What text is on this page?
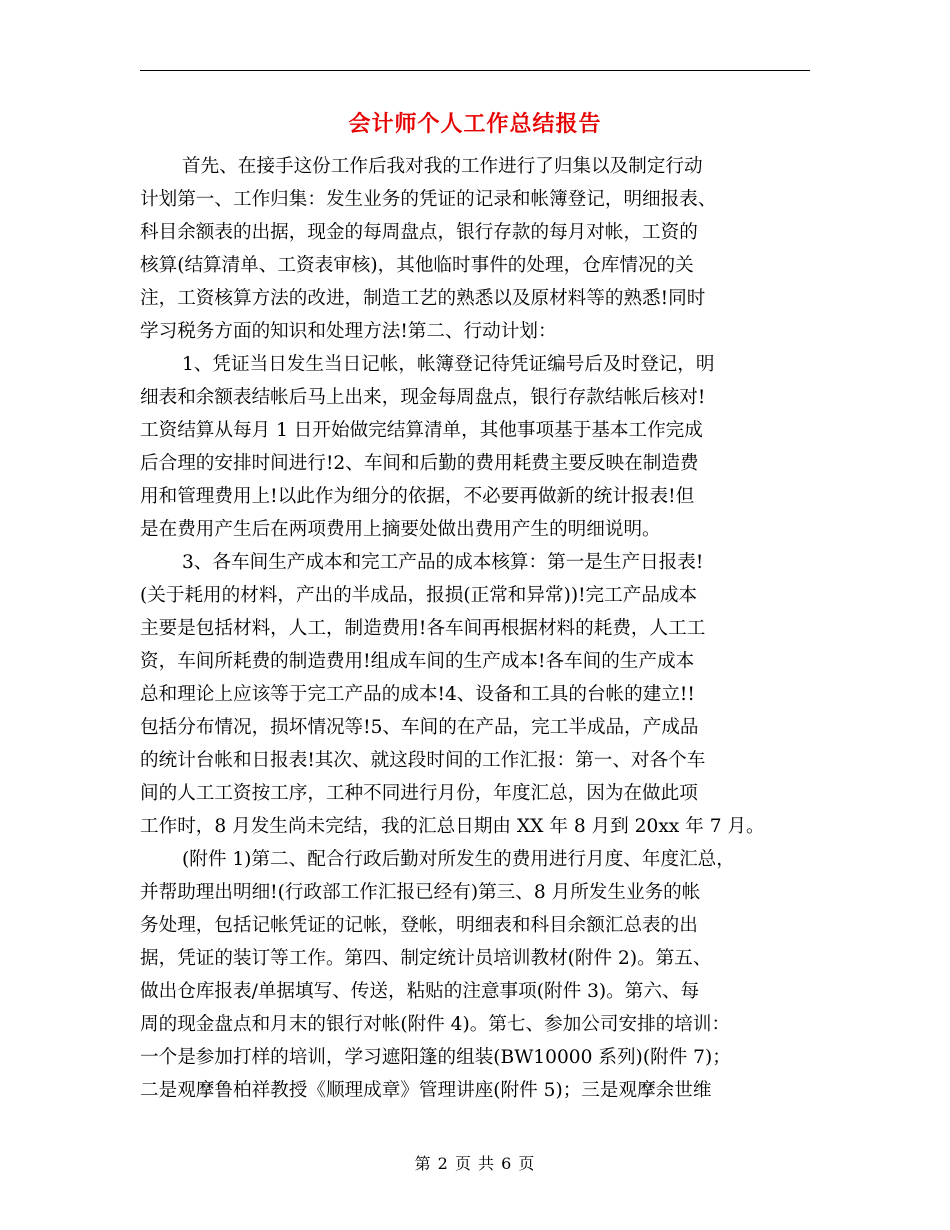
会计师个人工作总结报告
首先、在接手这份工作后我对我的工作进行了归集以及制定行动
计划第一、工作归集：发生业务的凭证的记录和帐簿登记，明细报表、
科目余额表的出据，现金的每周盘点，银行存款的每月对帐，工资的
核算(结算清单、工资表审核)，其他临时事件的处理，仓库情况的关
注，工资核算方法的改进，制造工艺的熟悉以及原材料等的熟悉!同时
学习税务方面的知识和处理方法!第二、行动计划：
1、凭证当日发生当日记帐，帐簿登记待凭证编号后及时登记，明
细表和余额表结帐后马上出来，现金每周盘点，银行存款结帐后核对!
工资结算从每月 1 日开始做完结算清单，其他事项基于基本工作完成
后合理的安排时间进行!2、车间和后勤的费用耗费主要反映在制造费
用和管理费用上!以此作为细分的依据，不必要再做新的统计报表!但
是在费用产生后在两项费用上摘要处做出费用产生的明细说明。
3、各车间生产成本和完工产品的成本核算：第一是生产日报表!
(关于耗用的材料，产出的半成品，报损(正常和异常))!完工产品成本
主要是包括材料，人工，制造费用!各车间再根据材料的耗费，人工工
资，车间所耗费的制造费用!组成车间的生产成本!各车间的生产成本
总和理论上应该等于完工产品的成本!4、设备和工具的台帐的建立!!
包括分布情况，损坏情况等!5、车间的在产品，完工半成品，产成品
的统计台帐和日报表!其次、就这段时间的工作汇报：第一、对各个车
间的人工工资按工序，工种不同进行月份，年度汇总，因为在做此项
工作时，8 月发生尚未完结，我的汇总日期由 XX 年 8 月到 20xx 年 7 月。
(附件 1)第二、配合行政后勤对所发生的费用进行月度、年度汇总，
并帮助理出明细!(行政部工作汇报已经有)第三、8 月所发生业务的帐
务处理，包括记帐凭证的记帐，登帐，明细表和科目余额汇总表的出
据，凭证的装订等工作。第四、制定统计员培训教材(附件 2)。第五、
做出仓库报表/单据填写、传送，粘贴的注意事项(附件 3)。第六、每
周的现金盘点和月末的银行对帐(附件 4)。第七、参加公司安排的培训：
一个是参加打样的培训，学习遮阳篷的组装(BW10000 系列)(附件 7)；
二是观摩鲁柏祥教授《顺理成章》管理讲座(附件 5)；三是观摩余世维
第 2 页 共 6 页
